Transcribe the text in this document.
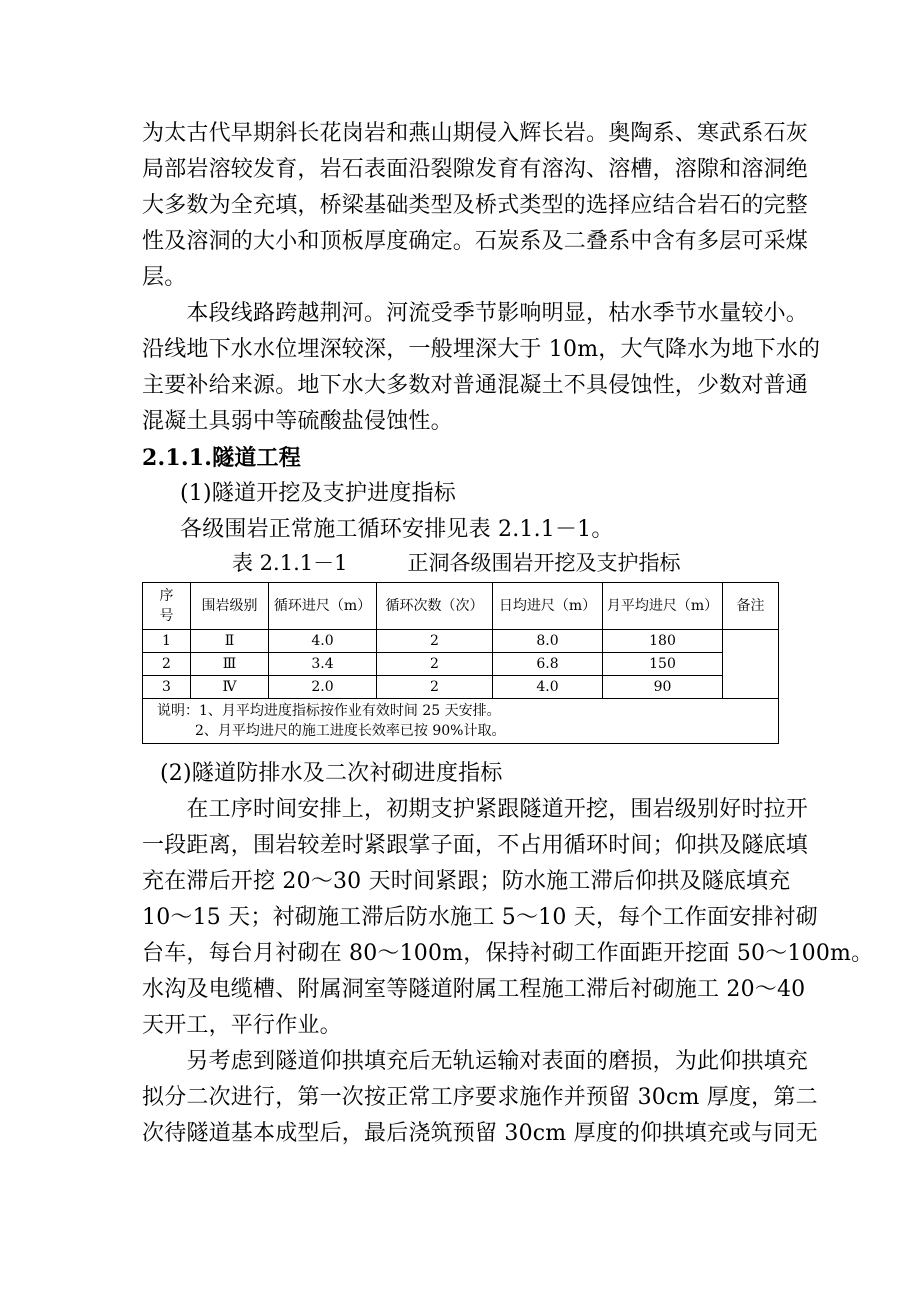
为太古代早期斜长花岗岩和燕山期侵入辉长岩。奥陶系、寒武系石灰
局部岩溶较发育，岩石表面沿裂隙发育有溶沟、溶槽，溶隙和溶洞绝
大多数为全充填，桥梁基础类型及桥式类型的选择应结合岩石的完整
性及溶洞的大小和顶板厚度确定。石炭系及二叠系中含有多层可采煤
层。
　　本段线路跨越荆河。河流受季节影响明显，枯水季节水量较小。
沿线地下水水位埋深较深，一般埋深大于 10m，大气降水为地下水的
主要补给来源。地下水大多数对普通混凝土不具侵蚀性，少数对普通
混凝土具弱中等硫酸盐侵蚀性。
2.1.1.隧道工程
(1)隧道开挖及支护进度指标
各级围岩正常施工循环安排见表 2.1.1－1。
表 2.1.1－1	正洞各级围岩开挖及支护指标
序号	围岩级别	循环进尺（m）	循环次数（次）	日均进尺（m）	月平均进尺（m）	备注
1	Ⅱ	4.0	2	8.0	180	
2	Ⅲ	3.4	2	6.8	150	
3	Ⅳ	2.0	2	4.0	90	

说明：1、月平均进度指标按作业有效时间 25 天安排。
2、月平均进尺的施工进度长效率已按 90%计取。						
(2)隧道防排水及二次衬砌进度指标
　　在工序时间安排上，初期支护紧跟隧道开挖，围岩级别好时拉开
一段距离，围岩较差时紧跟掌子面，不占用循环时间；仰拱及隧底填
充在滞后开挖 20～30 天时间紧跟；防水施工滞后仰拱及隧底填充
10～15 天；衬砌施工滞后防水施工 5～10 天，每个工作面安排衬砌
台车，每台月衬砌在 80～100m，保持衬砌工作面距开挖面 50～100m。
水沟及电缆槽、附属洞室等隧道附属工程施工滞后衬砌施工 20～40
天开工，平行作业。
　　另考虑到隧道仰拱填充后无轨运输对表面的磨损，为此仰拱填充
拟分二次进行，第一次按正常工序要求施作并预留 30cm 厚度，第二
次待隧道基本成型后，最后浇筑预留 30cm 厚度的仰拱填充或与同无
